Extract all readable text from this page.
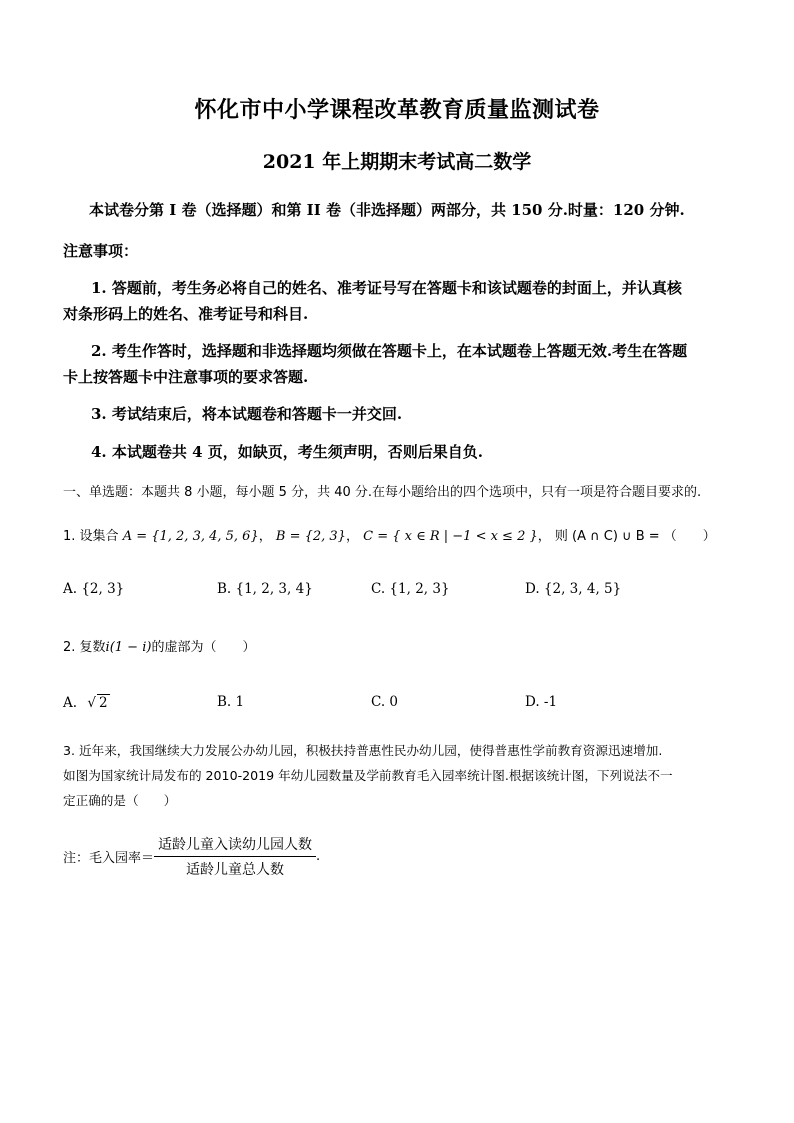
怀化市中小学课程改革教育质量监测试卷
2021 年上期期末考试高二数学
本试卷分第 I 卷（选择题）和第 II 卷（非选择题）两部分，共 150 分.时量：120 分钟.
注意事项：
1. 答题前，考生务必将自己的姓名、准考证号写在答题卡和该试题卷的封面上，并认真核
对条形码上的姓名、准考证号和科目.
2. 考生作答时，选择题和非选择题均须做在答题卡上，在本试题卷上答题无效.考生在答题
卡上按答题卡中注意事项的要求答题.
3. 考试结束后，将本试题卷和答题卡一并交回.
4. 本试题卷共 4 页，如缺页，考生须声明，否则后果自负.
一、单选题：本题共 8 小题，每小题 5 分，共 40 分.在每小题给出的四个选项中，只有一项是符合题目要求的.
1. 设集合 A = {1, 2, 3, 4, 5, 6}， B = {2, 3}， C = { x ∈ R | −1 < x ≤ 2 }， 则 (A ∩ C) ∪ B = （　　）
A. {2, 3}	B. {1, 2, 3, 4}	C. {1, 2, 3}	D. {2, 3, 4, 5}
2. 复数i(1 − i)的虚部为（　　）
A. √ 2	B. 1	C. 0	D. -1
3. 近年来，我国继续大力发展公办幼儿园，积极扶持普惠性民办幼儿园，使得普惠性学前教育资源迅速增加.
如图为国家统计局发布的 2010-2019 年幼儿园数量及学前教育毛入园率统计图.根据该统计图，下列说法不一
定正确的是（　　）
注：毛入园率＝ $\frac{\text{适龄儿童入读幼儿园人数}}{\text{适龄儿童总人数}}$ .
